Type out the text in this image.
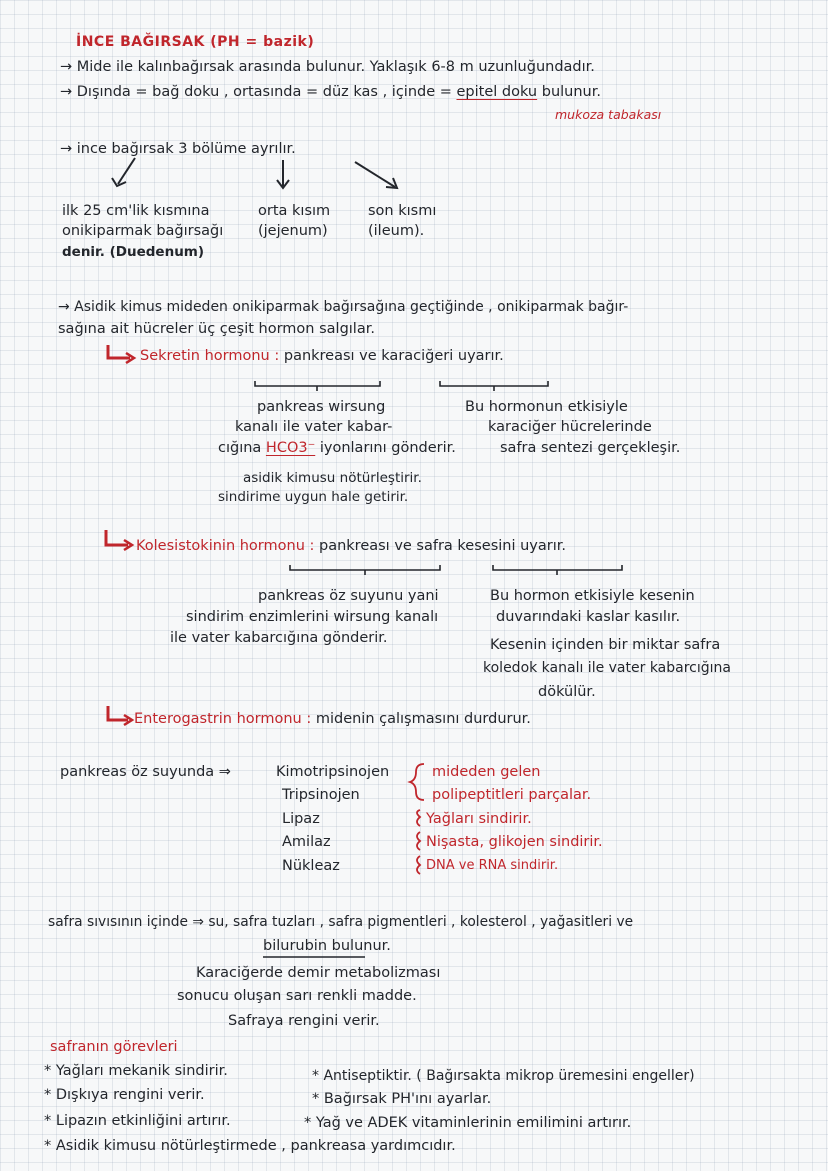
İNCE BAĞIRSAK (PH = bazik)
→ Mide ile kalınbağırsak arasında bulunur. Yaklaşık 6-8 m uzunluğundadır.
→ Dışında = bağ doku , ortasında = düz kas , içinde = epitel doku bulunur.
mukoza tabakası
→ ince bağırsak 3 bölüme ayrılır.
ilk 25 cm'lik kısmına
onikiparmak bağırsağı
denir. (Duedenum)
orta kısım
(jejenum)
son kısmı
(ileum).
→ Asidik kimus mideden onikiparmak bağırsağına geçtiğinde , onikiparmak bağır-
sağına ait hücreler üç çeşit hormon salgılar.
Sekretin hormonu : pankreası ve karaciğeri uyarır.
pankreas wirsung
kanalı ile vater kabar-
cığına HCO3⁻ iyonlarını gönderir.
asidik kimusu nötürleştirir.
sindirime uygun hale getirir.
Bu hormonun etkisiyle
karaciğer hücrelerinde
safra sentezi gerçekleşir.
Kolesistokinin hormonu : pankreası ve safra kesesini uyarır.
pankreas öz suyunu yani
sindirim enzimlerini wirsung kanalı
ile vater kabarcığına gönderir.
Bu hormon etkisiyle kesenin
duvarındaki kaslar kasılır.
Kesenin içinden bir miktar safra
koledok kanalı ile vater kabarcığına
dökülür.
Enterogastrin hormonu : midenin çalışmasını durdurur.
pankreas öz suyunda ⇒	Kimotripsinojen
Tripsinojen
Lipaz
Amilaz
Nükleaz
mideden gelen
polipeptitleri parçalar.
Yağları sindirir.
Nişasta, glikojen sindirir.
DNA ve RNA sindirir.
safra sıvısının içinde ⇒ su, safra tuzları , safra pigmentleri , kolesterol , yağasitleri ve
bilurubin bulunur.
Karaciğerde demir metabolizması
sonucu oluşan sarı renkli madde.
Safraya rengini verir.
safranın görevleri
* Yağları mekanik sindirir.
* Dışkıya rengini verir.
* Lipazın etkinliğini artırır.
* Asidik kimusu nötürleştirmede , pankreasa yardımcıdır.
* Antiseptiktir. ( Bağırsakta mikrop üremesini engeller)
* Bağırsak PH'ını ayarlar.
* Yağ ve ADEK vitaminlerinin emilimini artırır.
